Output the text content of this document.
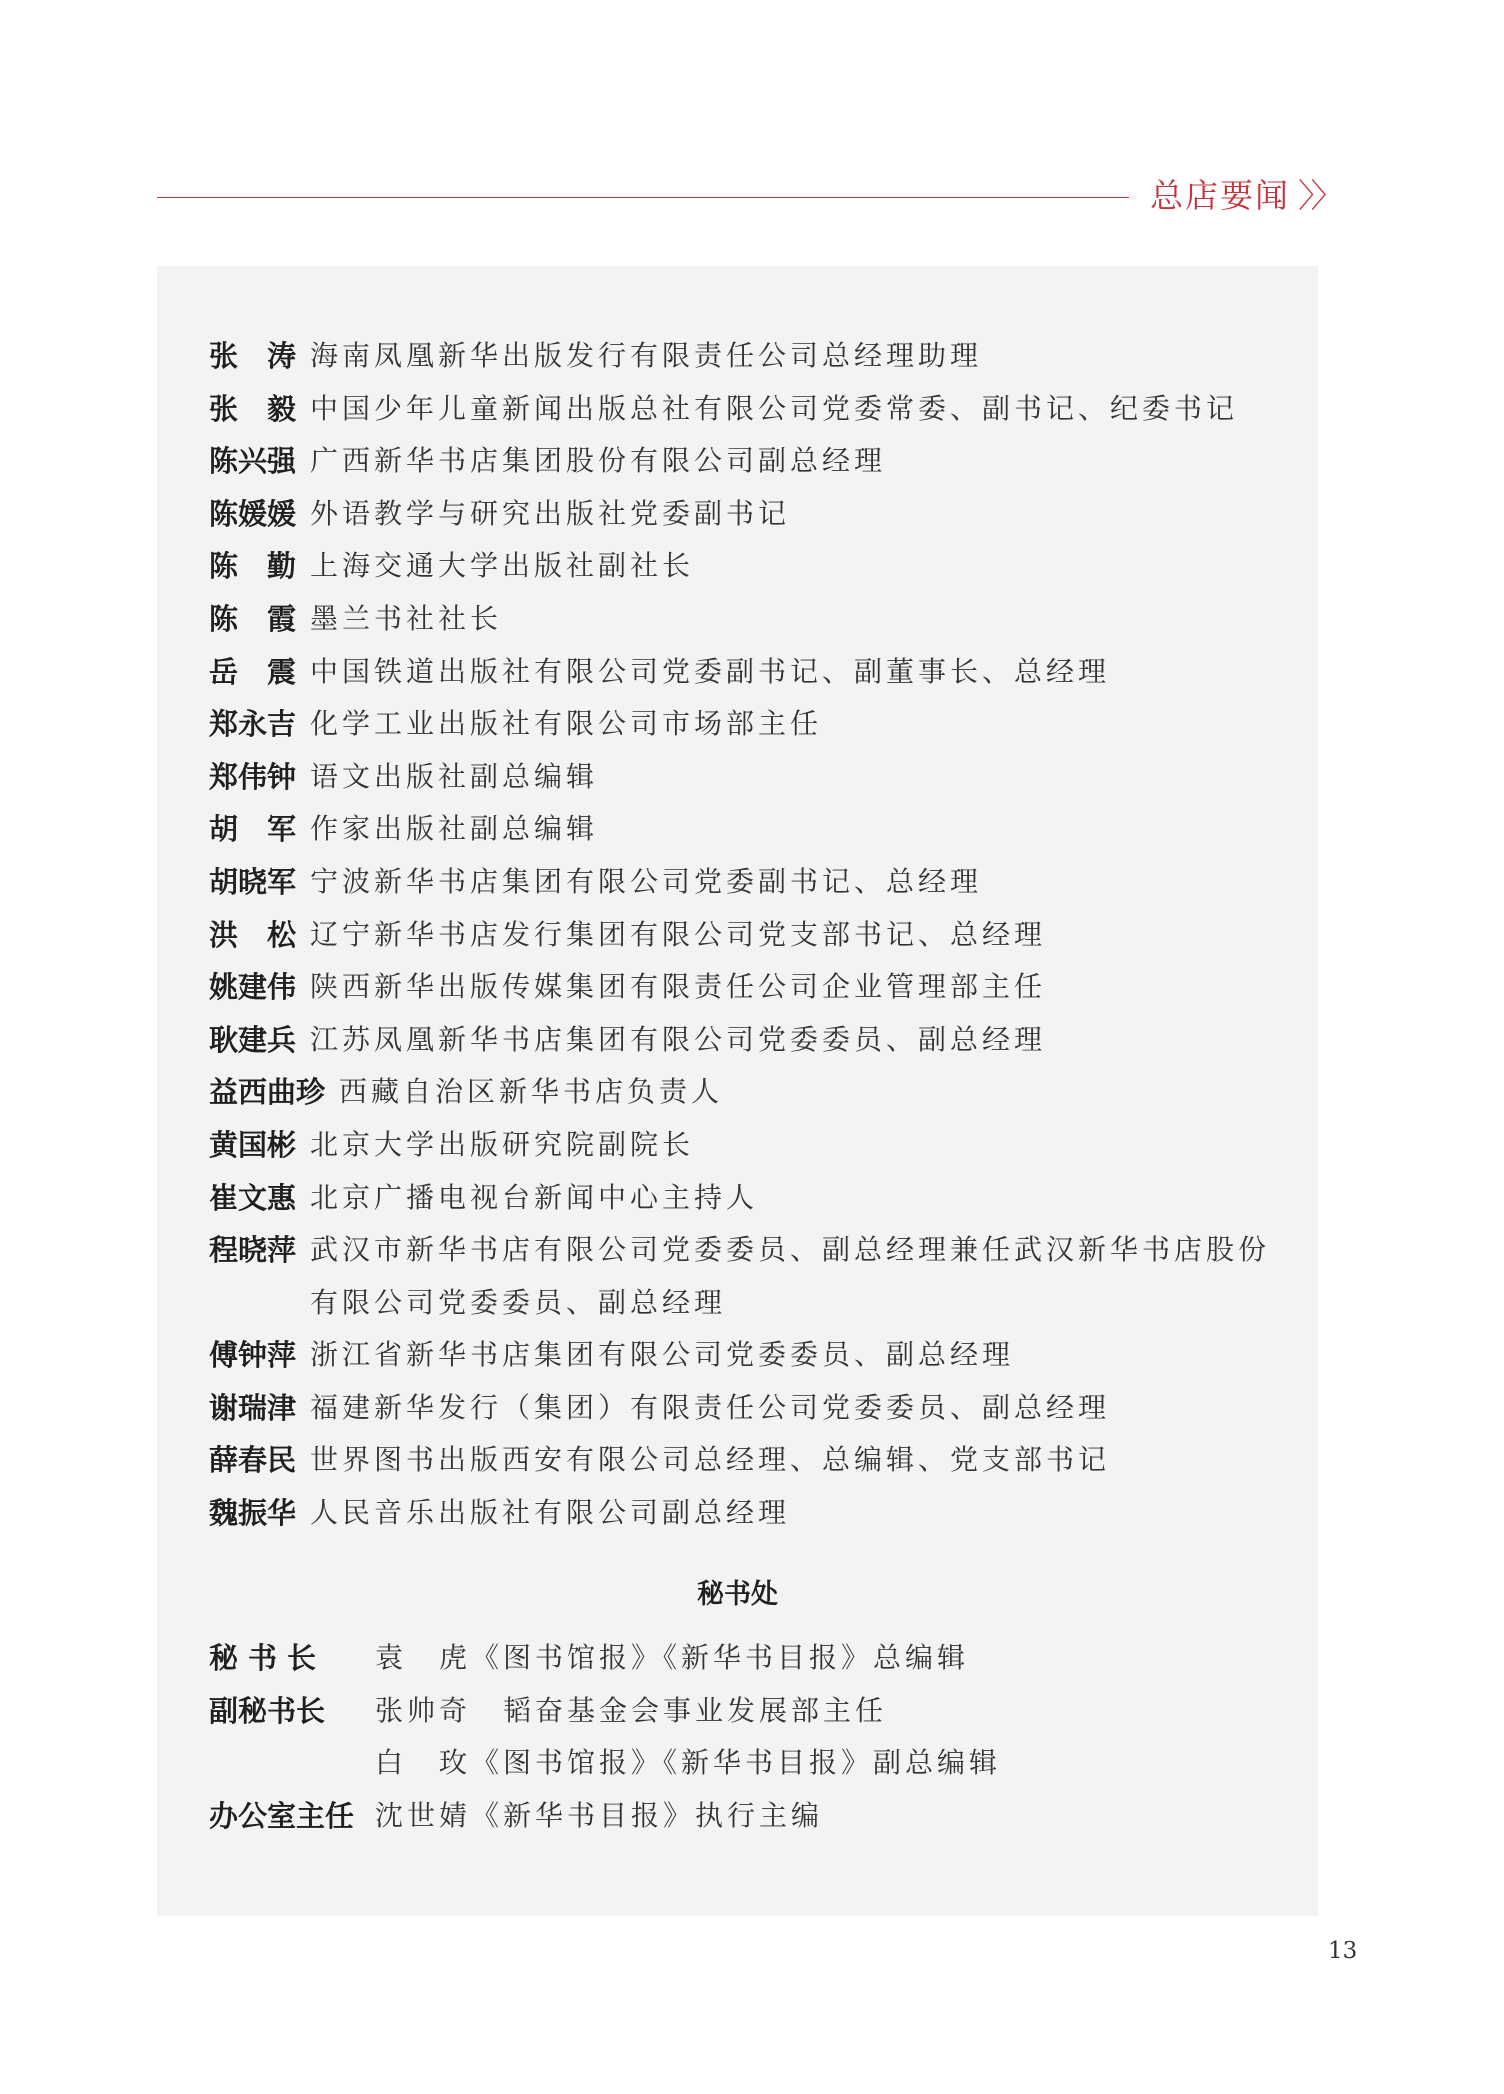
总店要闻 〉〉
张　涛 海南凤凰新华出版发行有限责任公司总经理助理
张　毅 中国少年儿童新闻出版总社有限公司党委常委、副书记、纪委书记
陈兴强 广西新华书店集团股份有限公司副总经理
陈媛媛 外语教学与研究出版社党委副书记
陈　勤 上海交通大学出版社副社长
陈　霞 墨兰书社社长
岳　震 中国铁道出版社有限公司党委副书记、副董事长、总经理
郑永吉 化学工业出版社有限公司市场部主任
郑伟钟 语文出版社副总编辑
胡　军 作家出版社副总编辑
胡晓军 宁波新华书店集团有限公司党委副书记、总经理
洪　松 辽宁新华书店发行集团有限公司党支部书记、总经理
姚建伟 陕西新华出版传媒集团有限责任公司企业管理部主任
耿建兵 江苏凤凰新华书店集团有限公司党委委员、副总经理
益西曲珍 西藏自治区新华书店负责人
黄国彬 北京大学出版研究院副院长
崔文惠 北京广播电视台新闻中心主持人
程晓萍 武汉市新华书店有限公司党委委员、副总经理兼任武汉新华书店股份有限公司党委委员、副总经理
傅钟萍 浙江省新华书店集团有限公司党委委员、副总经理
谢瑞津 福建新华发行（集团）有限责任公司党委委员、副总经理
薛春民 世界图书出版西安有限公司总经理、总编辑、党支部书记
魏振华 人民音乐出版社有限公司副总经理
秘书处
秘书长	袁　虎《图书馆报》《新华书目报》总编辑
副秘书长	张帅奇　韬奋基金会事业发展部主任
白　玫《图书馆报》《新华书目报》副总编辑
办公室主任 沈世婧《新华书目报》执行主编
13
